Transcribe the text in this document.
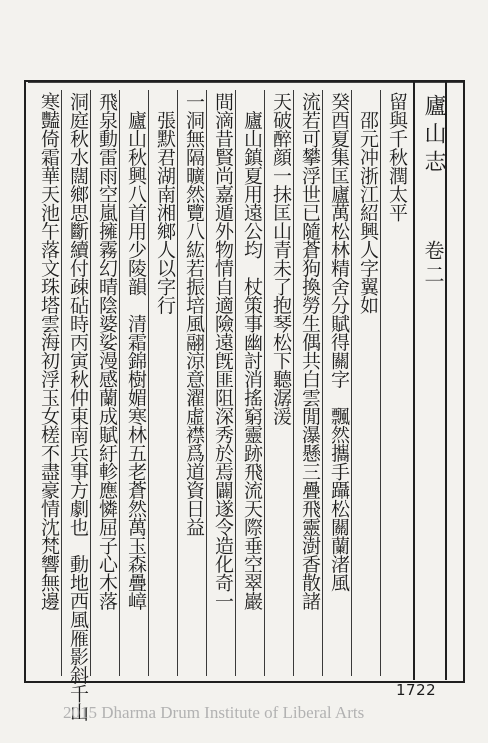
廬山志
卷二
留與千秋潤太平
　邵元冲浙江紹興人字翼如
癸酉夏集匡廬萬松林精舍分賦得關字　飄然攜手躡松關蘭渚風
流若可攀浮世已隨蒼狗換勞生偶共白雲閒瀑懸三疊飛靈澍香散諸
天破醉顔一抹匡山青未了抱琴松下聽潺湲
　廬山鎮夏用遠公均　杖策事幽討消搖窮靈跡飛流天際垂空翠巖
間滴昔賢尚嘉遁外物情自適險遠旣匪阻深秀於焉闢遂令造化奇一
一洞無隔曠然覽八紘若振培風翮涼意濯虛襟爲道資日益
　張默君湖南湘鄉人以字行
　廬山秋興八首用少陵韻　清霜錦樹媚寒林五老蒼然萬玉森疊嶂
飛泉動雷雨空嵐擁霧幻晴陰婆娑漫感蘭成賦紆軫應憐屈子心木落
洞庭秋水闊鄉思斷續付疎砧時丙寅秋仲東南兵事方劇也　動地西風雁影斜千山
寒豔倚霜華天池午落文珠塔雲海初浮玉女槎不盡豪情沈梵響無邊
1722
2015 Dharma Drum Institute of Liberal Arts
